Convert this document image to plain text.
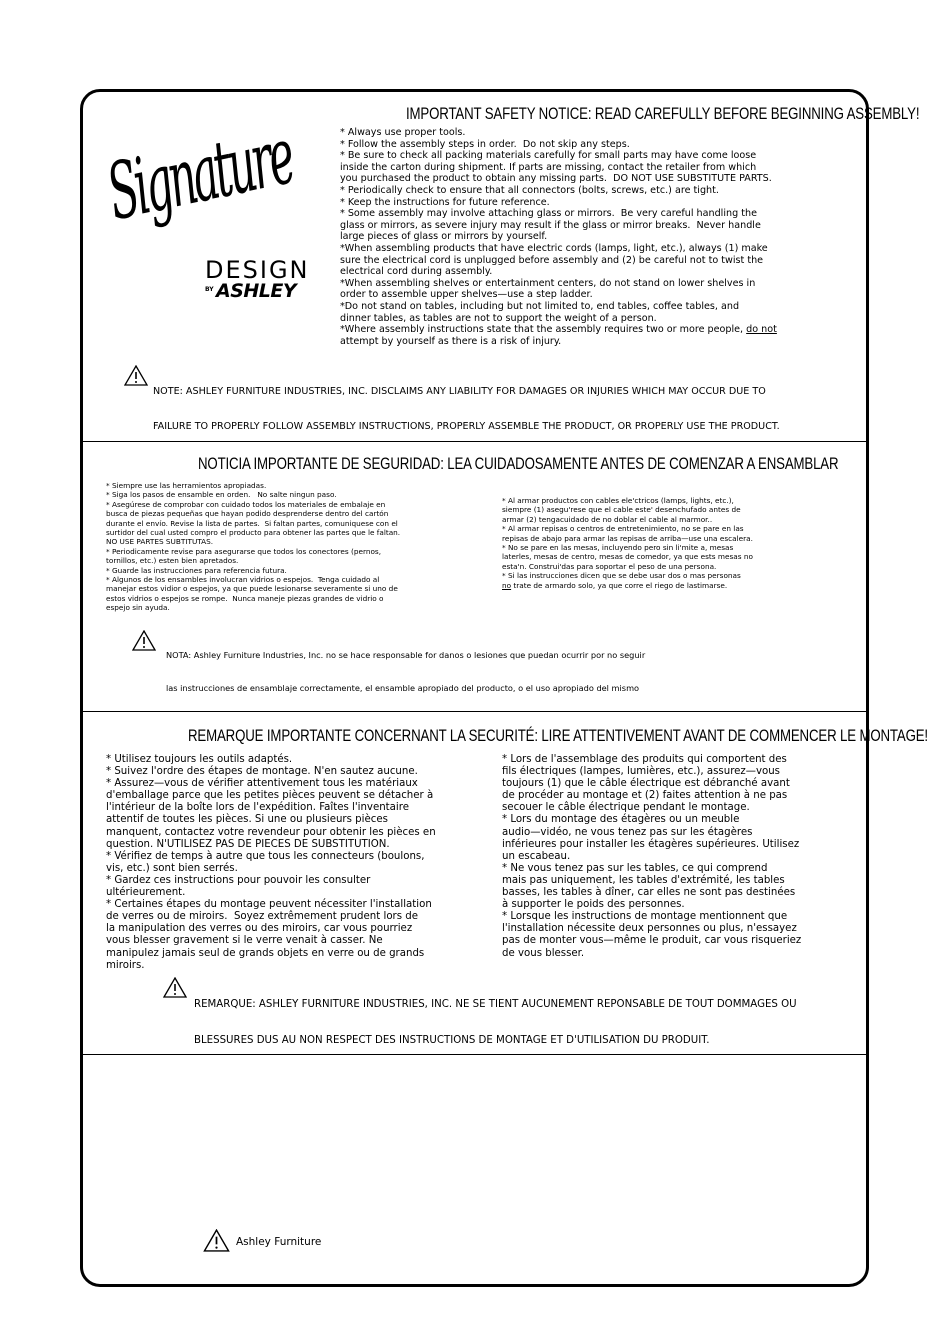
Signature
DESIGN
BY ASHLEY
IMPORTANT SAFETY NOTICE: READ CAREFULLY BEFORE BEGINNING ASSEMBLY!
* Always use proper tools.
* Follow the assembly steps in order.  Do not skip any steps.
* Be sure to check all packing materials carefully for small parts may have come loose
inside the carton during shipment. If parts are missing, contact the retailer from which
you purchased the product to obtain any missing parts.  DO NOT USE SUBSTITUTE PARTS.
* Periodically check to ensure that all connectors (bolts, screws, etc.) are tight.
* Keep the instructions for future reference.
* Some assembly may involve attaching glass or mirrors.  Be very careful handling the
glass or mirrors, as severe injury may result if the glass or mirror breaks.  Never handle
large pieces of glass or mirrors by yourself.
*When assembling products that have electric cords (lamps, light, etc.), always (1) make
sure the electrical cord is unplugged before assembly and (2) be careful not to twist the
electrical cord during assembly.
*When assembling shelves or entertainment centers, do not stand on lower shelves in
order to assemble upper shelves—use a step ladder.
*Do not stand on tables, including but not limited to, end tables, coffee tables, and
dinner tables, as tables are not to support the weight of a person.
*Where assembly instructions state that the assembly requires two or more people, do not
attempt by yourself as there is a risk of injury.

NOTE: ASHLEY FURNITURE INDUSTRIES, INC. DISCLAIMS ANY LIABILITY FOR DAMAGES OR INJURIES WHICH MAY OCCUR DUE TO

FAILURE TO PROPERLY FOLLOW ASSEMBLY INSTRUCTIONS, PROPERLY ASSEMBLE THE PRODUCT, OR PROPERLY USE THE PRODUCT.

NOTICIA IMPORTANTE DE SEGURIDAD: LEA CUIDADOSAMENTE ANTES DE COMENZAR A ENSAMBLAR
* Siempre use las herramientos apropiadas.
* Siga los pasos de ensamble en orden.   No salte ningun paso.
* Asegúrese de comprobar con cuidado todos los materiales de embalaje en
busca de piezas pequeñas que hayan podido desprenderse dentro del cartón
durante el envío. Revise la lista de partes.  Si faltan partes, comuniquese con el
surtidor del cual usted compro el producto para obtener las partes que le faltan.
NO USE PARTES SUBTITUTAS.
* Periodicamente revise para asegurarse que todos los conectores (pernos,
tornillos, etc.) esten bien apretados.
* Guarde las instrucciones para referencia futura.
* Algunos de los ensambles involucran vidrios o espejos.  Tenga cuidado al
manejar estos vidior o espejos, ya que puede lesionarse severamente si uno de
estos vidrios o espejos se rompe.  Nunca maneje piezas grandes de vidrio o
espejo sin ayuda.
* Al armar productos con cables ele'ctricos (lamps, lights, etc.),
siempre (1) asegu'rese que el cable este' desenchufado antes de
armar (2) tengacuidado de no doblar el cable al marmor..
* Al armar repisas o centros de entretenimiento, no se pare en las
repisas de abajo para armar las repisas de arriba—use una escalera.
* No se pare en las mesas, incluyendo pero sin li'mite a, mesas
laterles, mesas de centro, mesas de comedor, ya que ests mesas no
esta'n. Construi'das para soportar el peso de una persona.
* Si las instrucciones dicen que se debe usar dos o mas personas
no trate de armardo solo, ya que corre el riego de lastimarse.

NOTA: Ashley Furniture Industries, Inc. no se hace responsable for danos o lesiones que puedan ocurrir por no seguir

las instrucciones de ensamblaje correctamente, el ensamble apropiado del producto, o el uso apropiado del mismo

REMARQUE IMPORTANTE CONCERNANT LA SECURITÉ: LIRE ATTENTIVEMENT AVANT DE COMMENCER LE MONTAGE!
* Utilisez toujours les outils adaptés.
* Suivez l'ordre des étapes de montage. N'en sautez aucune.
* Assurez—vous de vérifier attentivement tous les matériaux
d'emballage parce que les petites pièces peuvent se détacher à
l'intérieur de la boîte lors de l'expédition. Faîtes l'inventaire
attentif de toutes les pièces. Si une ou plusieurs pièces
manquent, contactez votre revendeur pour obtenir les pièces en
question. N'UTILISEZ PAS DE PIECES DE SUBSTITUTION.
* Vérifiez de temps à autre que tous les connecteurs (boulons,
vis, etc.) sont bien serrés.
* Gardez ces instructions pour pouvoir les consulter
ultérieurement.
* Certaines étapes du montage peuvent nécessiter l'installation
de verres ou de miroirs.  Soyez extrêmement prudent lors de
la manipulation des verres ou des miroirs, car vous pourriez
vous blesser gravement si le verre venait à casser. Ne
manipulez jamais seul de grands objets en verre ou de grands
miroirs.
* Lors de l'assemblage des produits qui comportent des
fils électriques (lampes, lumières, etc.), assurez—vous
toujours (1) que le câble électrique est débranché avant
de procéder au montage et (2) faites attention à ne pas
secouer le câble électrique pendant le montage.
* Lors du montage des étagères ou un meuble
audio—vidéo, ne vous tenez pas sur les étagères
inférieures pour installer les étagères supérieures. Utilisez
un escabeau.
* Ne vous tenez pas sur les tables, ce qui comprend
mais pas uniquement, les tables d'extrémité, les tables
basses, les tables à dîner, car elles ne sont pas destinées
à supporter le poids des personnes.
* Lorsque les instructions de montage mentionnent que
l'installation nécessite deux personnes ou plus, n'essayez
pas de monter vous—même le produit, car vous risqueriez
de vous blesser.

REMARQUE: ASHLEY FURNITURE INDUSTRIES, INC. NE SE TIENT AUCUNEMENT REPONSABLE DE TOUT DOMMAGES OU

BLESSURES DUS AU NON RESPECT DES INSTRUCTIONS DE MONTAGE ET D'UTILISATION DU PRODUIT.

Ashley Furniture
